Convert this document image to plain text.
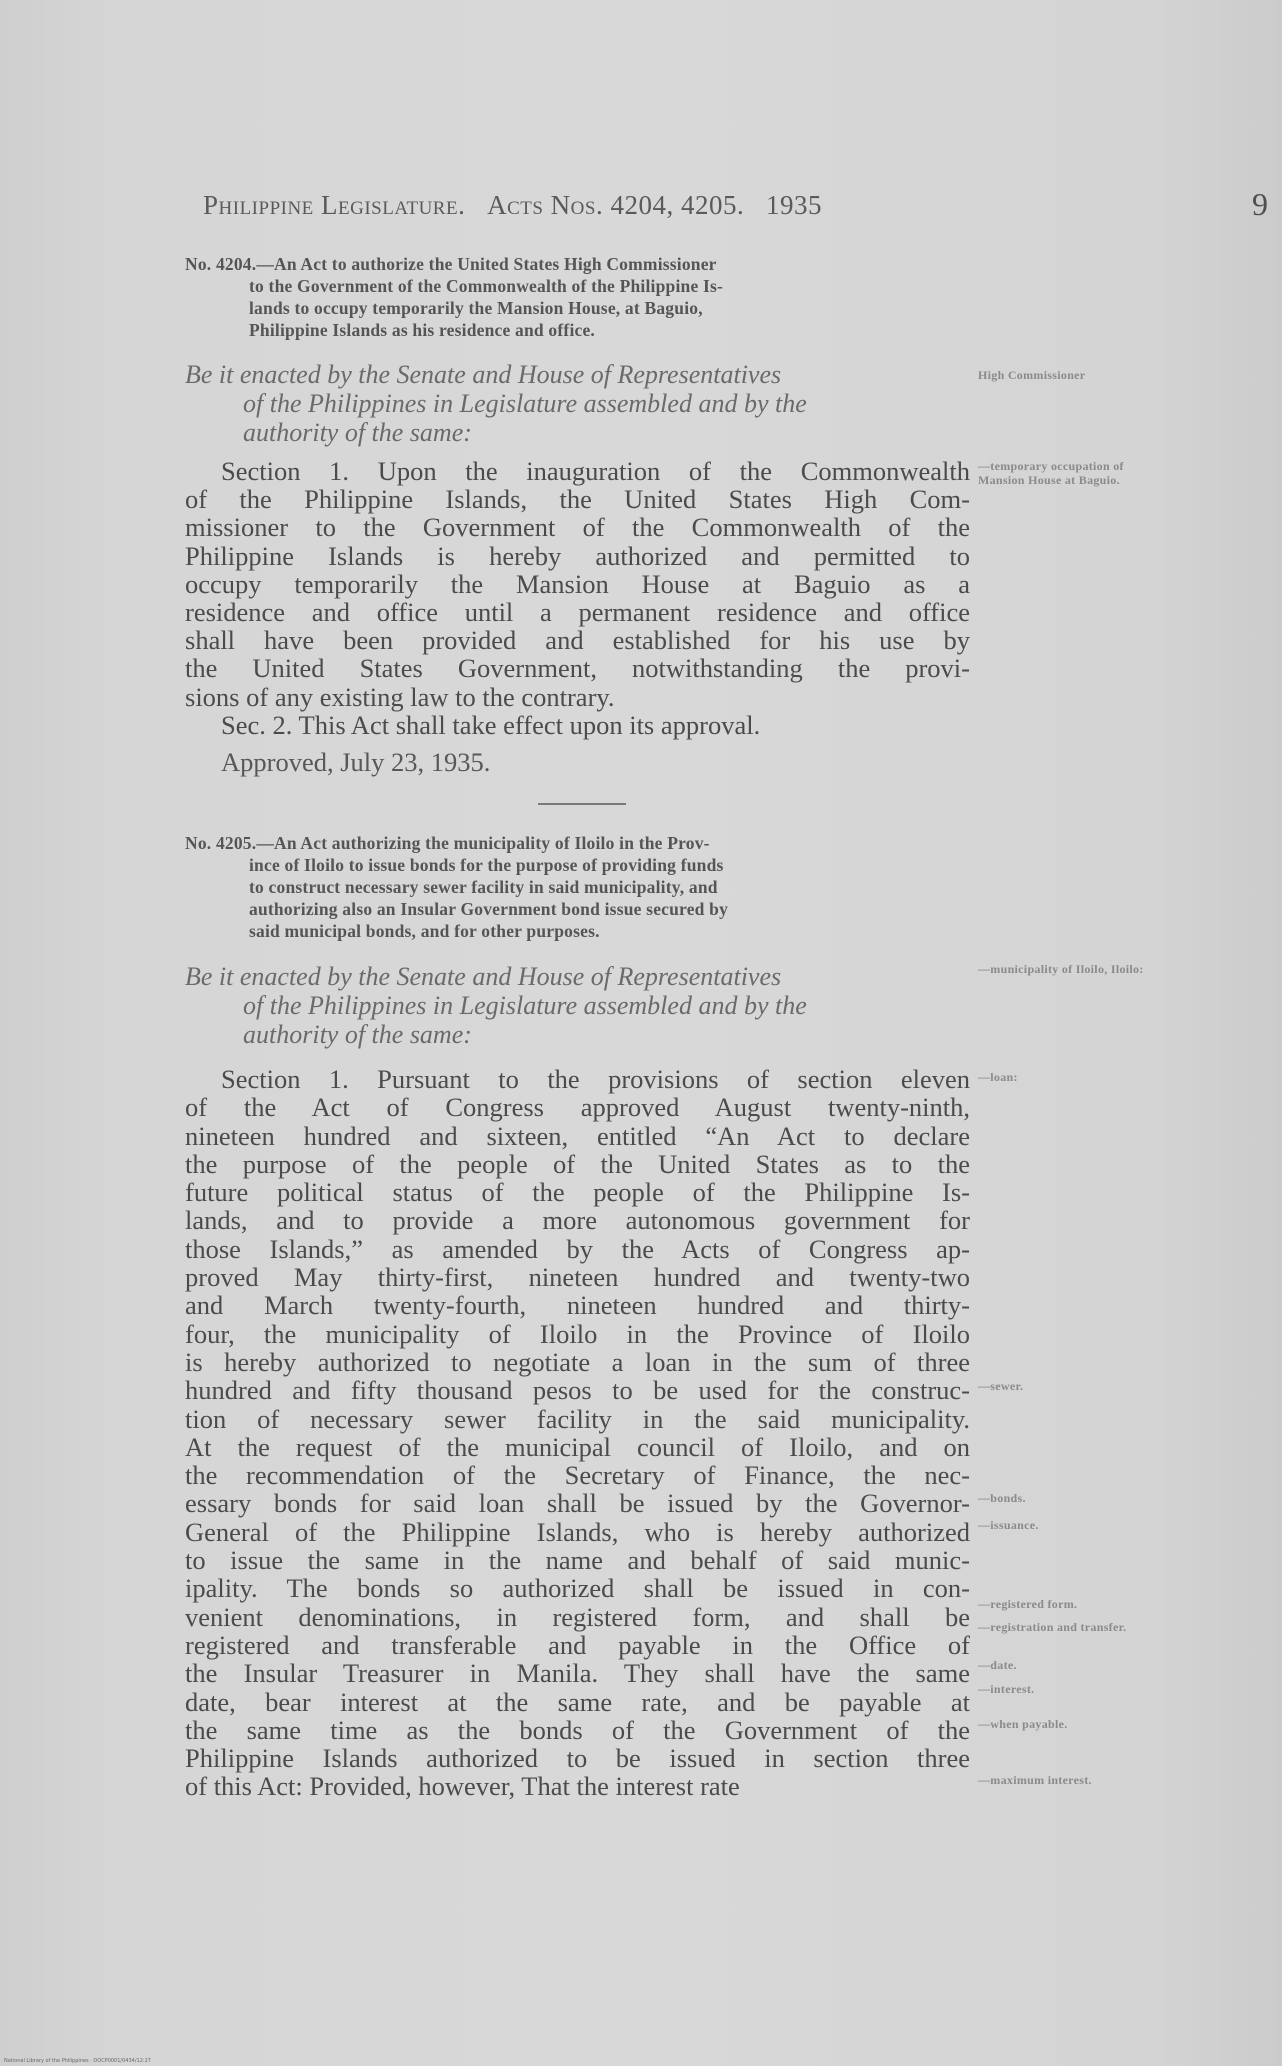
Philippine Legislature. Acts Nos. 4204, 4205. 1935	9
No. 4204.—An Act to authorize the United States High Commissioner
to the Government of the Commonwealth of the Philippine Is-
lands to occupy temporarily the Mansion House, at Baguio,
Philippine Islands as his residence and office.
Be it enacted by the Senate and House of Representatives
of the Philippines in Legislature assembled and by the
authority of the same:
Section 1. Upon the inauguration of the Commonwealth
of the Philippine Islands, the United States High Com-
missioner to the Government of the Commonwealth of the
Philippine Islands is hereby authorized and permitted to
occupy temporarily the Mansion House at Baguio as a
residence and office until a permanent residence and office
shall have been provided and established for his use by
the United States Government, notwithstanding the provi-
sions of any existing law to the contrary.
Sec. 2. This Act shall take effect upon its approval.
Approved, July 23, 1935.
High Commissioner
—temporary occupation of Mansion House at Baguio.
No. 4205.—An Act authorizing the municipality of Iloilo in the Prov-
ince of Iloilo to issue bonds for the purpose of providing funds
to construct necessary sewer facility in said municipality, and
authorizing also an Insular Government bond issue secured by
said municipal bonds, and for other purposes.
Be it enacted by the Senate and House of Representatives
of the Philippines in Legislature assembled and by the
authority of the same:
—municipality of Iloilo, Iloilo:
Section 1. Pursuant to the provisions of section eleven
of the Act of Congress approved August twenty-ninth,
nineteen hundred and sixteen, entitled “An Act to declare
the purpose of the people of the United States as to the
future political status of the people of the Philippine Is-
lands, and to provide a more autonomous government for
those Islands,” as amended by the Acts of Congress ap-
proved May thirty-first, nineteen hundred and twenty-two
and March twenty-fourth, nineteen hundred and thirty-
four, the municipality of Iloilo in the Province of Iloilo
is hereby authorized to negotiate a loan in the sum of three
hundred and fifty thousand pesos to be used for the construc-
tion of necessary sewer facility in the said municipality.
At the request of the municipal council of Iloilo, and on
the recommendation of the Secretary of Finance, the nec-
essary bonds for said loan shall be issued by the Governor-
General of the Philippine Islands, who is hereby authorized
to issue the same in the name and behalf of said munic-
ipality. The bonds so authorized shall be issued in con-
venient denominations, in registered form, and shall be
registered and transferable and payable in the Office of
the Insular Treasurer in Manila. They shall have the same
date, bear interest at the same rate, and be payable at
the same time as the bonds of the Government of the
Philippine Islands authorized to be issued in section three
of this Act: Provided, however, That the interest rate
—loan:
—sewer.
—bonds.
—issuance.
—registered form.
—registration and transfer.
—date.
—interest.
—when payable.
—maximum interest.
National Library of the Philippines · DOCP0001/0434/12:27
